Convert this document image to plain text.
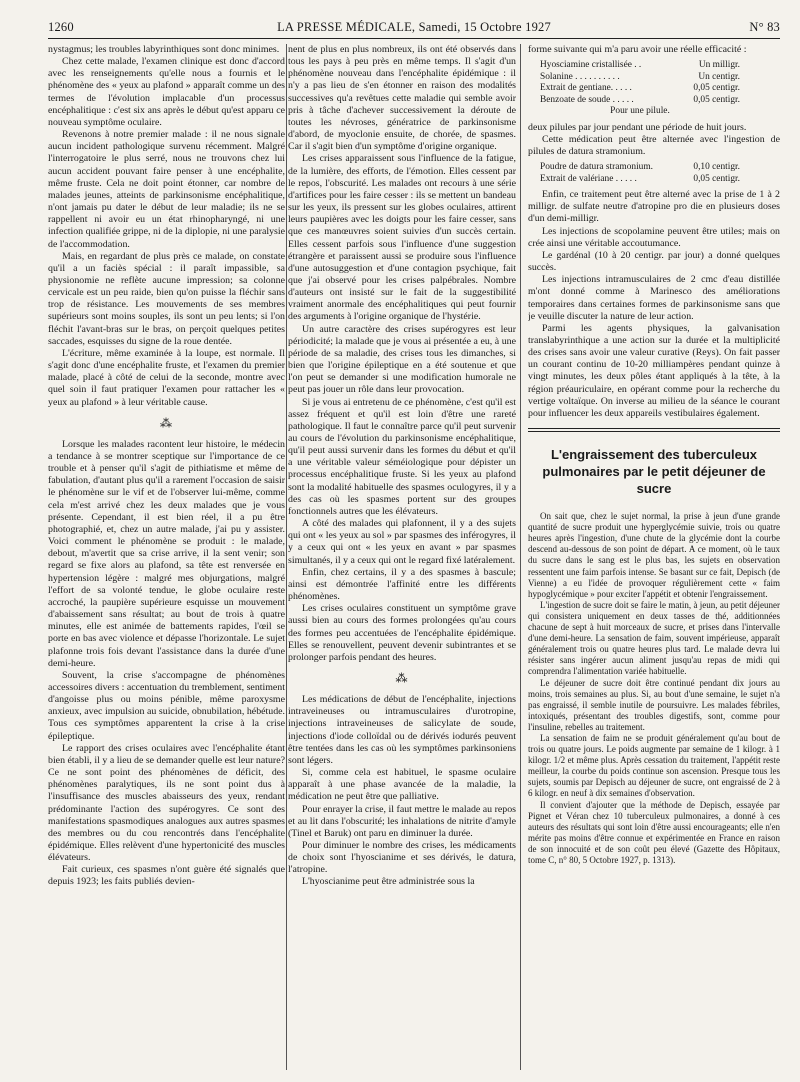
1260	LA PRESSE MÉDICALE, Samedi, 15 Octobre 1927	N° 83

nystagmus; les troubles labyrinthiques sont donc minimes.

Chez cette malade, l'examen clinique est donc d'accord avec les renseignements qu'elle nous a fournis et le phénomène des « yeux au plafond » apparaît comme un des termes de l'évolution implacable d'un processus encéphalitique : c'est six ans après le début qu'est apparu ce nouveau symptôme oculaire.

Revenons à notre premier malade : il ne nous signale aucun incident pathologique survenu récemment. Malgré l'interrogatoire le plus serré, nous ne trouvons chez lui aucun accident pouvant faire penser à une encéphalite, même fruste. Cela ne doit point étonner, car nombre de malades jeunes, atteints de parkinsonisme encéphalitique, n'ont jamais pu dater le début de leur maladie; ils ne se rappellent ni avoir eu un état rhinopharyngé, ni une infection qualifiée grippe, ni de la diplopie, ni une paralysie de l'accommodation.

Mais, en regardant de plus près ce malade, on constate qu'il a un faciès spécial : il paraît impassible, sa physionomie ne reflète aucune impression; sa colonne cervicale est un peu raide, bien qu'on puisse la fléchir sans trop de résistance. Les mouvements de ses membres supérieurs sont moins souples, ils sont un peu lents; si l'on fléchit l'avant-bras sur le bras, on perçoit quelques petites saccades, esquisses du signe de la roue dentée.

L'écriture, même examinée à la loupe, est normale. Il s'agit donc d'une encéphalite fruste, et l'examen du premier malade, placé à côté de celui de la seconde, montre avec quel soin il faut pratiquer l'examen pour rattacher les « yeux au plafond » à leur véritable cause.

⁂

Lorsque les malades racontent leur histoire, le médecin a tendance à se montrer sceptique sur l'importance de ce trouble et à penser qu'il s'agit de pithiatisme et même de fabulation, d'autant plus qu'il a rarement l'occasion de saisir le phénomène sur le vif et de l'observer lui-même, comme cela m'est arrivé chez les deux malades que je vous présente. Cependant, il est bien réel, il a pu être photographié, et, chez un autre malade, j'ai pu y assister. Voici comment le phénomène se produit : le malade, debout, m'avertit que sa crise arrive, il la sent venir; son regard se fixe alors au plafond, sa tête est renversée en hypertension légère : malgré mes objurgations, malgré l'effort de sa volonté tendue, le globe oculaire reste accroché, la paupière supérieure esquisse un mouvement d'abaissement sans résultat; au bout de trois à quatre minutes, elle est animée de battements rapides, l'œil se porte en bas avec violence et dépasse l'horizontale. Le sujet plafonne trois fois devant l'assistance dans la durée d'une demi-heure.

Souvent, la crise s'accompagne de phénomènes accessoires divers : accentuation du tremblement, sentiment d'angoisse plus ou moins pénible, même paroxysme anxieux, avec impulsion au suicide, obnubilation, hébétude. Tous ces symptômes apparentent la crise à la crise épileptique.

Le rapport des crises oculaires avec l'encéphalite étant bien établi, il y a lieu de se demander quelle est leur nature? Ce ne sont point des phénomènes de déficit, des phénomènes paralytiques, ils ne sont point dus à l'insuffisance des muscles abaisseurs des yeux, rendant prédominante l'action des supérogyres. Ce sont des manifestations spasmodiques analogues aux autres spasmes des membres ou du cou rencontrés dans l'encéphalite épidémique. Elles relèvent d'une hypertonicité des muscles élévateurs.

Fait curieux, ces spasmes n'ont guère été signalés que depuis 1923; les faits publiés devien-

nent de plus en plus nombreux, ils ont été observés dans tous les pays à peu près en même temps. Il s'agit d'un phénomène nouveau dans l'encéphalite épidémique : il n'y a pas lieu de s'en étonner en raison des modalités successives qu'a revêtues cette maladie qui semble avoir pris à tâche d'achever successivement la déroute de toutes les névroses, génératrice de parkinsonisme d'abord, de myoclonie ensuite, de chorée, de spasmes. Car il s'agit bien d'un symptôme d'origine organique.

Les crises apparaissent sous l'influence de la fatigue, de la lumière, des efforts, de l'émotion. Elles cessent par le repos, l'obscurité. Les malades ont recours à une série d'artifices pour les faire cesser : ils se mettent un bandeau sur les yeux, ils pressent sur les globes oculaires, attirent leurs paupières avec les doigts pour les faire cesser, sans que ces manœuvres soient suivies d'un succès certain. Elles cessent parfois sous l'influence d'une suggestion étrangère et paraissent aussi se produire sous l'influence d'une autosuggestion et d'une contagion psychique, fait que j'ai observé pour les crises palpébrales. Nombre d'auteurs ont insisté sur le fait de la suggestibilité vraiment anormale des encéphalitiques qui peut fournir des arguments à l'origine organique de l'hystérie.

Un autre caractère des crises supérogyres est leur périodicité; la malade que je vous ai présentée a eu, à une période de sa maladie, des crises tous les dimanches, si bien que l'origine épileptique en a été soutenue et que l'on peut se demander si une modification humorale ne peut pas jouer un rôle dans leur provocation.

Si je vous ai entretenu de ce phénomène, c'est qu'il est assez fréquent et qu'il est loin d'être une rareté pathologique. Il faut le connaître parce qu'il peut survenir au cours de l'évolution du parkinsonisme encéphalitique, qu'il peut aussi survenir dans les formes du début et qu'il a une véritable valeur séméiologique pour dépister un processus encéphalitique fruste. Si les yeux au plafond sont la modalité habituelle des spasmes oculogyres, il y a des cas où les spasmes portent sur des groupes fonctionnels autres que les élévateurs.

A côté des malades qui plafonnent, il y a des sujets qui ont « les yeux au sol » par spasmes des inférogyres, il y a ceux qui ont « les yeux en avant » par spasmes simultanés, il y a ceux qui ont le regard fixé latéralement.

Enfin, chez certains, il y a des spasmes à bascule; ainsi est démontrée l'affinité entre les différents phénomènes.

Les crises oculaires constituent un symptôme grave aussi bien au cours des formes prolongées qu'au cours des formes peu accentuées de l'encéphalite épidémique. Elles se renouvellent, peuvent devenir subintrantes et se prolonger parfois pendant des heures.

⁂

Les médications de début de l'encéphalite, injections intraveineuses ou intramusculaires d'urotropine, injections intraveineuses de salicylate de soude, injections d'iode colloïdal ou de dérivés iodurés peuvent être tentées dans les cas où les symptômes parkinsoniens sont légers.

Si, comme cela est habituel, le spasme oculaire apparaît à une phase avancée de la maladie, la médication ne peut être que palliative.

Pour enrayer la crise, il faut mettre le malade au repos et au lit dans l'obscurité; les inhalations de nitrite d'amyle (Tinel et Baruk) ont paru en diminuer la durée.

Pour diminuer le nombre des crises, les médicaments de choix sont l'hyoscianime et ses dérivés, le datura, l'atropine.

L'hyoscianime peut être administrée sous la

forme suivante qui m'a paru avoir une réelle efficacité :

Hyosciamine cristallisée . .	Un milligr.
Solanine . . . . . . . . . .	Un centigr.
Extrait de gentiane. . . . .	0,05 centigr.
Benzoate de soude . . . . .	0,05 centigr.
Pour une pilule.

deux pilules par jour pendant une période de huit jours.

Cette médication peut être alternée avec l'ingestion de pilules de datura stramonium.

Poudre de datura stramonium.	0,10 centigr.
Extrait de valériane . . . . .	0,05 centigr.

Enfin, ce traitement peut être alterné avec la prise de 1 à 2 milligr. de sulfate neutre d'atropine pro die en plusieurs doses d'un demi-milligr.

Les injections de scopolamine peuvent être utiles; mais on crée ainsi une véritable accoutumance.

Le gardénal (10 à 20 centigr. par jour) a donné quelques succès.

Les injections intramusculaires de 2 cmc d'eau distillée m'ont donné comme à Marinesco des améliorations temporaires dans certaines formes de parkinsonisme sans que je veuille discuter la nature de leur action.

Parmi les agents physiques, la galvanisation translabyrinthique a une action sur la durée et la multiplicité des crises sans avoir une valeur curative (Reys). On fait passer un courant continu de 10-20 milliampères pendant quinze à vingt minutes, les deux pôles étant appliqués à la tête, à la région préauriculaire, en opérant comme pour la recherche du vertige voltaïque. On inverse au milieu de la séance le courant pour influencer les deux appareils vestibulaires également.

L'engraissement des tuberculeux pulmonaires par le petit déjeuner de sucre

On sait que, chez le sujet normal, la prise à jeun d'une grande quantité de sucre produit une hyperglycémie suivie, trois ou quatre heures après l'ingestion, d'une chute de la glycémie dont la courbe descend au-dessous de son point de départ. A ce moment, où le taux du sucre dans le sang est le plus bas, les sujets en observation ressentent une faim parfois intense. Se basant sur ce fait, Depisch (de Vienne) a eu l'idée de provoquer régulièrement cette « faim hypoglycémique » pour exciter l'appétit et obtenir l'engraissement.

L'ingestion de sucre doit se faire le matin, à jeun, au petit déjeuner qui consistera uniquement en deux tasses de thé, additionnées chacune de sept à huit morceaux de sucre, et prises dans l'intervalle d'une demi-heure. La sensation de faim, souvent impérieuse, apparaît généralement trois ou quatre heures plus tard. Le malade devra lui résister sans ingérer aucun aliment jusqu'au repas de midi qui comprendra l'alimentation variée habituelle.

Le déjeuner de sucre doit être continué pendant dix jours au moins, trois semaines au plus. Si, au bout d'une semaine, le sujet n'a pas engraissé, il semble inutile de poursuivre. Les malades fébriles, intoxiqués, présentant des troubles digestifs, sont, comme pour l'insuline, rebelles au traitement.

La sensation de faim ne se produit généralement qu'au bout de trois ou quatre jours. Le poids augmente par semaine de 1 kilogr. à 1 kilogr. 1/2 et même plus. Après cessation du traitement, l'appétit reste meilleur, la courbe du poids continue son ascension. Presque tous les sujets, soumis par Depisch au déjeuner de sucre, ont engraissé de 2 à 6 kilogr. en neuf à dix semaines d'observation.

Il convient d'ajouter que la méthode de Depisch, essayée par Pignet et Véran chez 10 tuberculeux pulmonaires, a donné à ces auteurs des résultats qui sont loin d'être aussi encourageants; elle n'en mérite pas moins d'être connue et expérimentée en France en raison de son innocuité et de son coût peu élevé (Gazette des Hôpitaux, tome C, n° 80, 5 Octobre 1927, p. 1313).
